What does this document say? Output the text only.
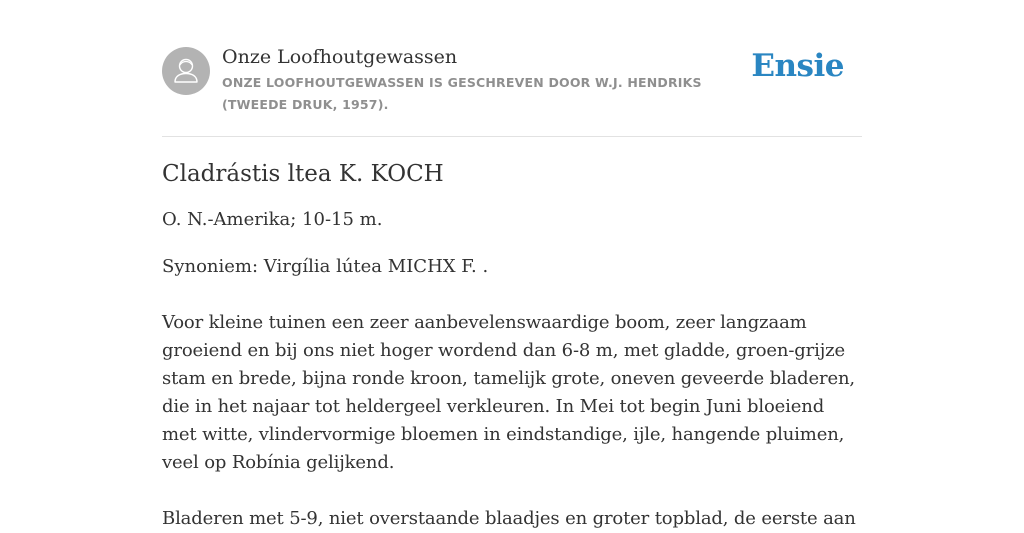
Onze Loofhoutgewassen
ONZE LOOFHOUTGEWASSEN IS GESCHREVEN DOOR W.J. HENDRIKS (TWEEDE DRUK, 1957).
Ensie
Cladrástis ltea K. KOCH

O. N.-Amerika; 10-15 m.

Synoniem: Virgília lútea MICHX F. .

Voor kleine tuinen een zeer aanbevelenswaardige boom, zeer langzaam groeiend en bij ons niet hoger wordend dan 6-8 m, met gladde, groen-grijze stam en brede, bijna ronde kroon, tamelijk grote, oneven geveerde bladeren, die in het najaar tot heldergeel verkleuren. In Mei tot begin Juni bloeiend met witte, vlindervormige bloemen in eindstandige, ijle, hangende pluimen, veel op Robínia gelijkend.

Bladeren met 5-9, niet overstaande blaadjes en groter topblad, de eerste aan
